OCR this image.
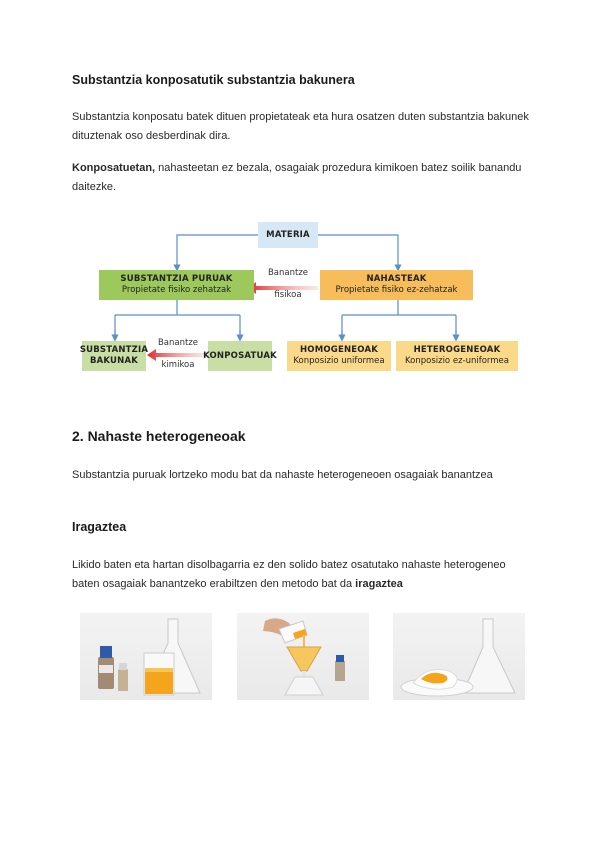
Substantzia konposatutik substantzia bakunera
Substantzia konposatu batek dituen propietateak eta hura osatzen duten substantzia bakunek dituztenak oso desberdinak dira.
Konposatuetan, nahasteetan ez bezala, osagaiak prozedura kimikoen batez soilik banandu daitezke.
MATERIA
SUBSTANTZIA PURUAK
Propietate fisiko zehatzak
Banantze
fisikoa
NAHASTEAK
Propietate fisiko ez-zehatzak
SUBSTANTZIA
BAKUNAK
Banantze
kimikoa
KONPOSATUAK
HOMOGENEOAK
Konposizio uniformea
HETEROGENEOAK
Konposizio ez-uniformea
2. Nahaste heterogeneoak
Substantzia puruak lortzeko modu bat da nahaste heterogeneoen osagaiak banantzea
Iragaztea
Likido baten eta hartan disolbagarria ez den solido batez osatutako nahaste heterogeneo baten osagaiak banantzeko erabiltzen den metodo bat da iragaztea
